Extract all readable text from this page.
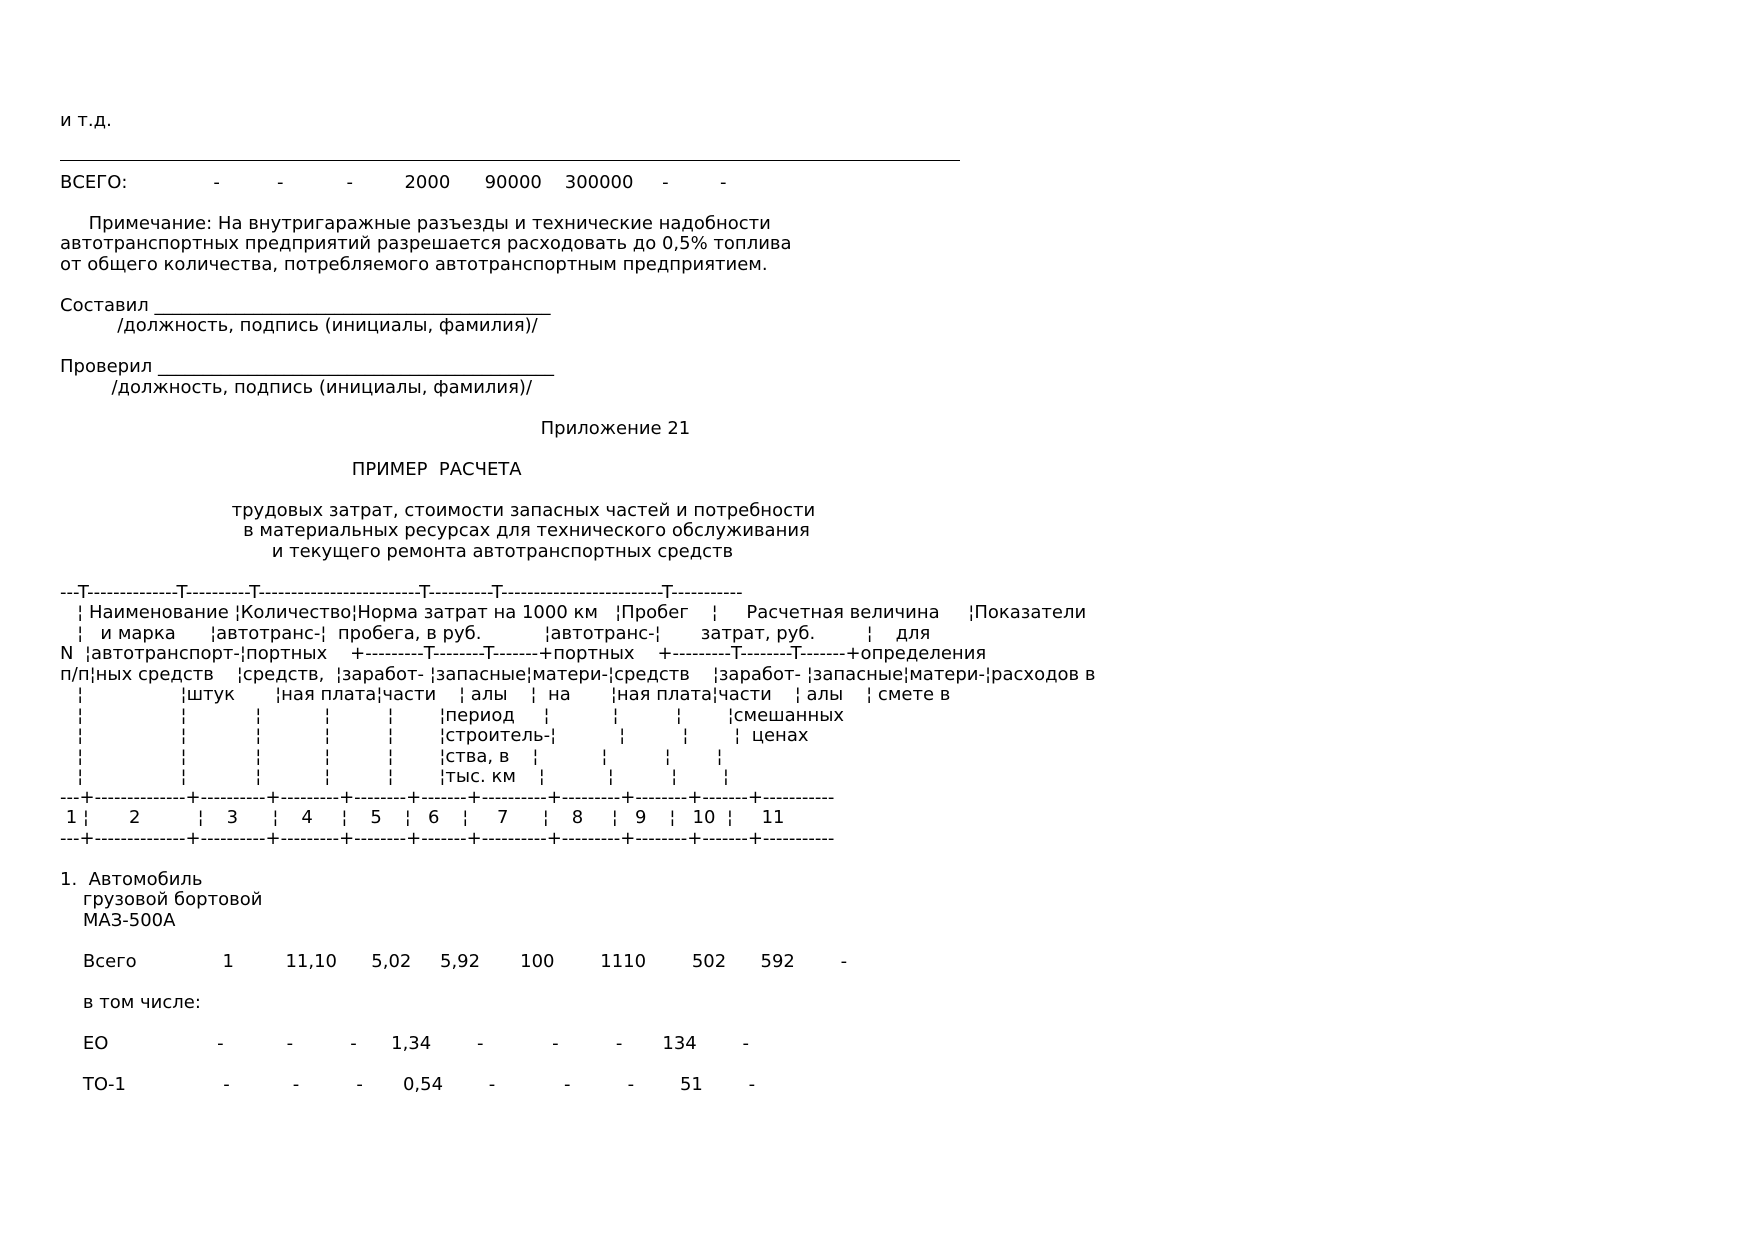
и т.д.
ВСЕГО:               -          -           -         2000      90000    300000     -         -
Примечание: На внутригаражные разъезды и технические надобности
автотранспортных предприятий разрешается расходовать до 0,5% топлива
от общего количества, потребляемого автотранспортным предприятием.
Составил ____________________________________________
/должность, подпись (инициалы, фамилия)/
Проверил ____________________________________________
/должность, подпись (инициалы, фамилия)/
Приложение 21
ПРИМЕР  РАСЧЕТА
трудовых затрат, стоимости запасных частей и потребности
в материальных ресурсах для технического обслуживания
и текущего ремонта автотранспортных средств
---T--------------T----------T-------------------------T----------T-------------------------T-----------
¦ Наименование ¦Количество¦Норма затрат на 1000 км   ¦Пробег    ¦     Расчетная величина     ¦Показатели
¦   и марка      ¦автотранс-¦  пробега, в руб.           ¦автотранс-¦       затрат, руб.         ¦    для
N  ¦автотранспорт-¦портных    +---------T--------T-------+портных    +---------T--------T-------+определения
п/п¦ных средств    ¦средств,  ¦заработ- ¦запасные¦матери-¦средств    ¦заработ- ¦запасные¦матери-¦расходов в
¦                 ¦штук       ¦ная плата¦части    ¦ алы    ¦  на       ¦ная плата¦части    ¦ алы    ¦ смете в
¦                 ¦            ¦           ¦          ¦        ¦период     ¦           ¦          ¦        ¦смешанных
¦                 ¦            ¦           ¦          ¦        ¦строитель-¦           ¦          ¦        ¦  ценах
¦                 ¦            ¦           ¦          ¦        ¦ства, в    ¦           ¦          ¦        ¦
¦                 ¦            ¦           ¦          ¦        ¦тыс. км    ¦           ¦          ¦        ¦
---+--------------+----------+---------+--------+-------+----------+---------+--------+-------+-----------
1 ¦       2          ¦    3      ¦    4     ¦    5    ¦   6    ¦     7      ¦    8     ¦   9    ¦   10  ¦     11
---+--------------+----------+---------+--------+-------+----------+---------+--------+-------+-----------
1.  Автомобиль
грузовой бортовой
МАЗ-500А
Всего               1         11,10      5,02     5,92       100        1110        502      592        -
в том числе:
ЕО                   -           -          -      1,34        -            -          -       134        -
ТО-1                 -           -          -       0,54        -            -          -        51        -
